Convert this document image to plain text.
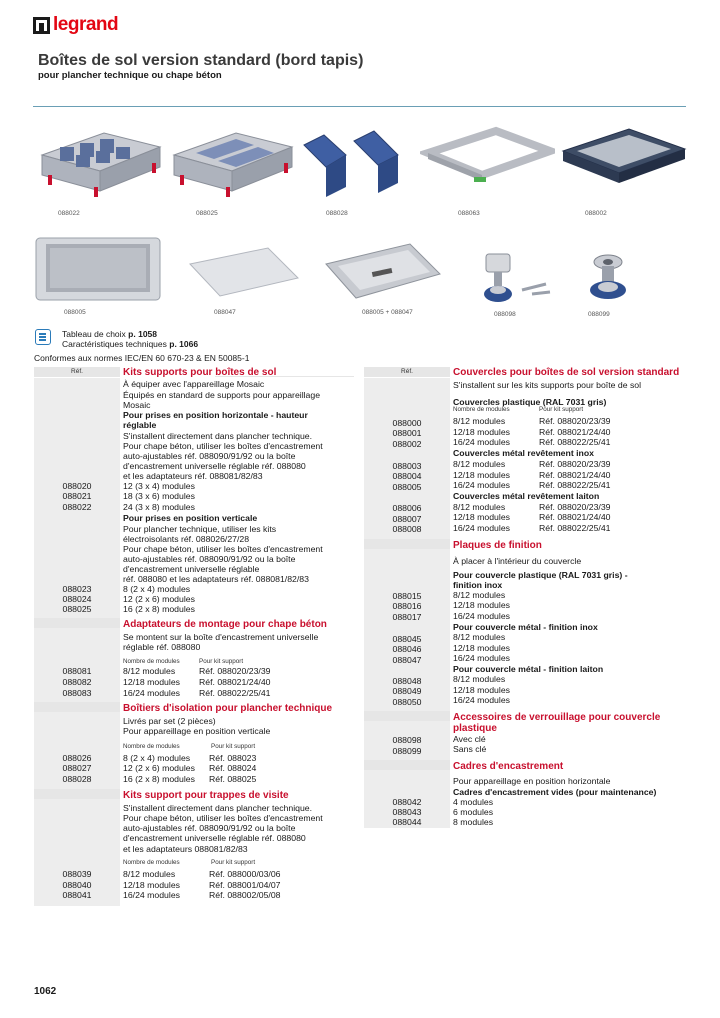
legrand
Boîtes de sol version standard (bord tapis)
pour plancher technique ou chape béton
088022	088025	088028	088063	088002
088005	088047	088005 + 088047	088098	088099
Tableau de choix p. 1058
Caractéristiques techniques p. 1066
Conformes aux normes IEC/EN 60 670-23 & EN 50085-1
Réf.	Kits supports pour boîtes de sol
À équiper avec l'appareillage Mosaic
Équipés en standard de supports pour appareillage
Mosaic
Pour prises en position horizontale - hauteur
réglable
S'installent directement dans plancher technique.
Pour chape béton, utiliser les boîtes d'encastrement
auto-ajustables réf. 088090/91/92 ou la boîte
d'encastrement universelle réglable réf. 088080
et les adaptateurs réf. 088081/82/83
088020	12 (3 x 4) modules
088021	18 (3 x 6) modules
088022	24 (3 x 8) modules
Pour prises en position verticale
Pour plancher technique, utiliser les kits
électroisolants réf. 088026/27/28
Pour chape béton, utiliser les boîtes d'encastrement
auto-ajustables réf. 088090/91/92 ou la boîte
d'encastrement universelle réglable
réf. 088080 et les adaptateurs réf. 088081/82/83
088023	8 (2 x 4) modules
088024	12 (2 x 6) modules
088025	16 (2 x 8) modules
Adaptateurs de montage pour chape béton
Se montent sur la boîte d'encastrement universelle
réglable réf. 088080
Nombre de modules	Pour kit support
088081	8/12 modules	Réf. 088020/23/39
088082	12/18 modules Réf. 088021/24/40
088083	16/24 modules Réf. 088022/25/41
Boîtiers d'isolation pour plancher technique
Livrés par set (2 pièces)
Pour appareillage en position verticale
Nombre de modules	Pour kit support
088026	8 (2 x 4) modules Réf. 088023
088027	12 (2 x 6) modules Réf. 088024
088028	16 (2 x 8) modules Réf. 088025
Kits support pour trappes de visite
S'installent directement dans plancher technique.
Pour chape béton, utiliser les boîtes d'encastrement
auto-ajustables réf. 088090/91/92 ou la boîte
d'encastrement universelle réglable réf. 088080
et les adaptateurs 088081/82/83
Nombre de modules	Pour kit support
088039	8/12 modules	Réf. 088000/03/06
088040	12/18 modules	Réf. 088001/04/07
088041	16/24 modules	Réf. 088002/05/08
Réf.	Couvercles pour boîtes de sol version standard
S'installent sur les kits supports pour boîte de sol
Couvercles plastique (RAL 7031 gris)
Nombre de modules	Pour kit support
088000	8/12 modules	Réf. 088020/23/39
088001	12/18 modules	Réf. 088021/24/40
088002	16/24 modules	Réf. 088022/25/41
Couvercles métal revêtement inox
088003	8/12 modules	Réf. 088020/23/39
088004	12/18 modules	Réf. 088021/24/40
088005	16/24 modules	Réf. 088022/25/41
Couvercles métal revêtement laiton
088006	8/12 modules	Réf. 088020/23/39
088007	12/18 modules	Réf. 088021/24/40
088008	16/24 modules	Réf. 088022/25/41
Plaques de finition
À placer à l'intérieur du couvercle
Pour couvercle plastique (RAL 7031 gris) -
finition inox
088015	8/12 modules
088016	12/18 modules
088017	16/24 modules
Pour couvercle métal - finition inox
088045	8/12 modules
088046	12/18 modules
088047	16/24 modules
Pour couvercle métal - finition laiton
088048	8/12 modules
088049	12/18 modules
088050	16/24 modules
Accessoires de verrouillage pour couvercle
plastique
088098	Avec clé
088099	Sans clé
Cadres d'encastrement
Pour appareillage en position horizontale
Cadres d'encastrement vides (pour maintenance)
088042	4 modules
088043	6 modules
088044	8 modules
1062
